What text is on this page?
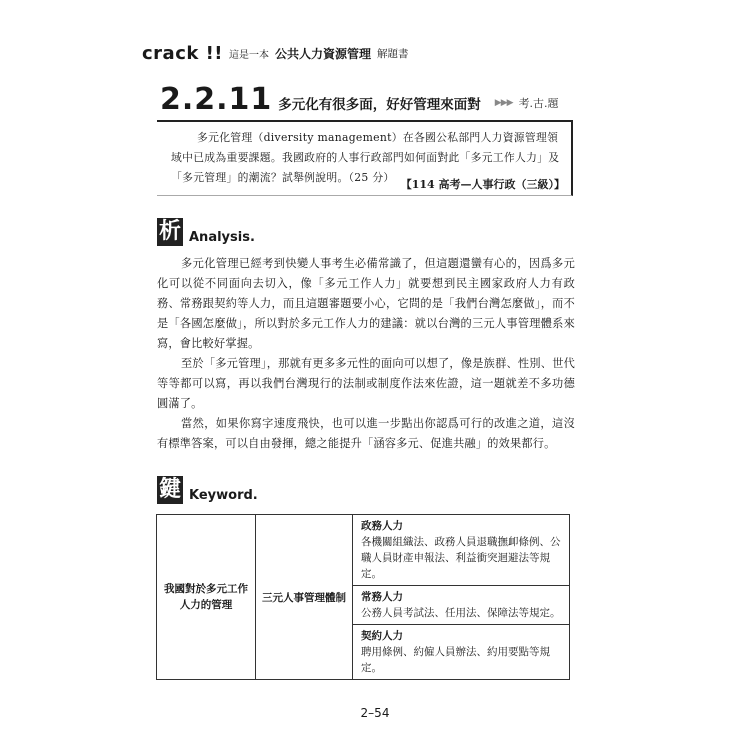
crack !! 這是一本 公共人力資源管理 解題書
2.2.11 多元化有很多面，好好管理來面對 ▶▶▶ 考.古.題
多元化管理（diversity management）在各國公私部門人力資源管理領域中已成為重要課題。我國政府的人事行政部門如何面對此「多元工作人力」及「多元管理」的潮流？試舉例說明。（25 分）
【114 高考—人事行政（三級）】
析 Analysis.

多元化管理已經考到快變人事考生必備常識了，但這題還蠻有心的，因爲多元化可以從不同面向去切入，像「多元工作人力」就要想到民主國家政府人力有政務、常務跟契約等人力，而且這題審題要小心，它問的是「我們台灣怎麼做」，而不是「各國怎麼做」，所以對於多元工作人力的建議：就以台灣的三元人事管理體系來寫，會比較好掌握。

至於「多元管理」，那就有更多多元性的面向可以想了，像是族群、性別、世代等等都可以寫，再以我們台灣現行的法制或制度作法來佐證，這一題就差不多功德圓滿了。

當然，如果你寫字速度飛快，也可以進一步點出你認爲可行的改進之道，這沒有標準答案，可以自由發揮，總之能提升「涵容多元、促進共融」的效果都行。

鍵 Keyword.
我國對於多元工作人力的管理	三元人事管理體制	
政務人力
各機關組織法、政務人員退職撫卹條例、公職人員財產申報法、利益衝突迴避法等規定。

常務人力
公務人員考試法、任用法、保障法等規定。

契約人力
聘用條例、約僱人員辦法、約用要點等規定。
2–54
